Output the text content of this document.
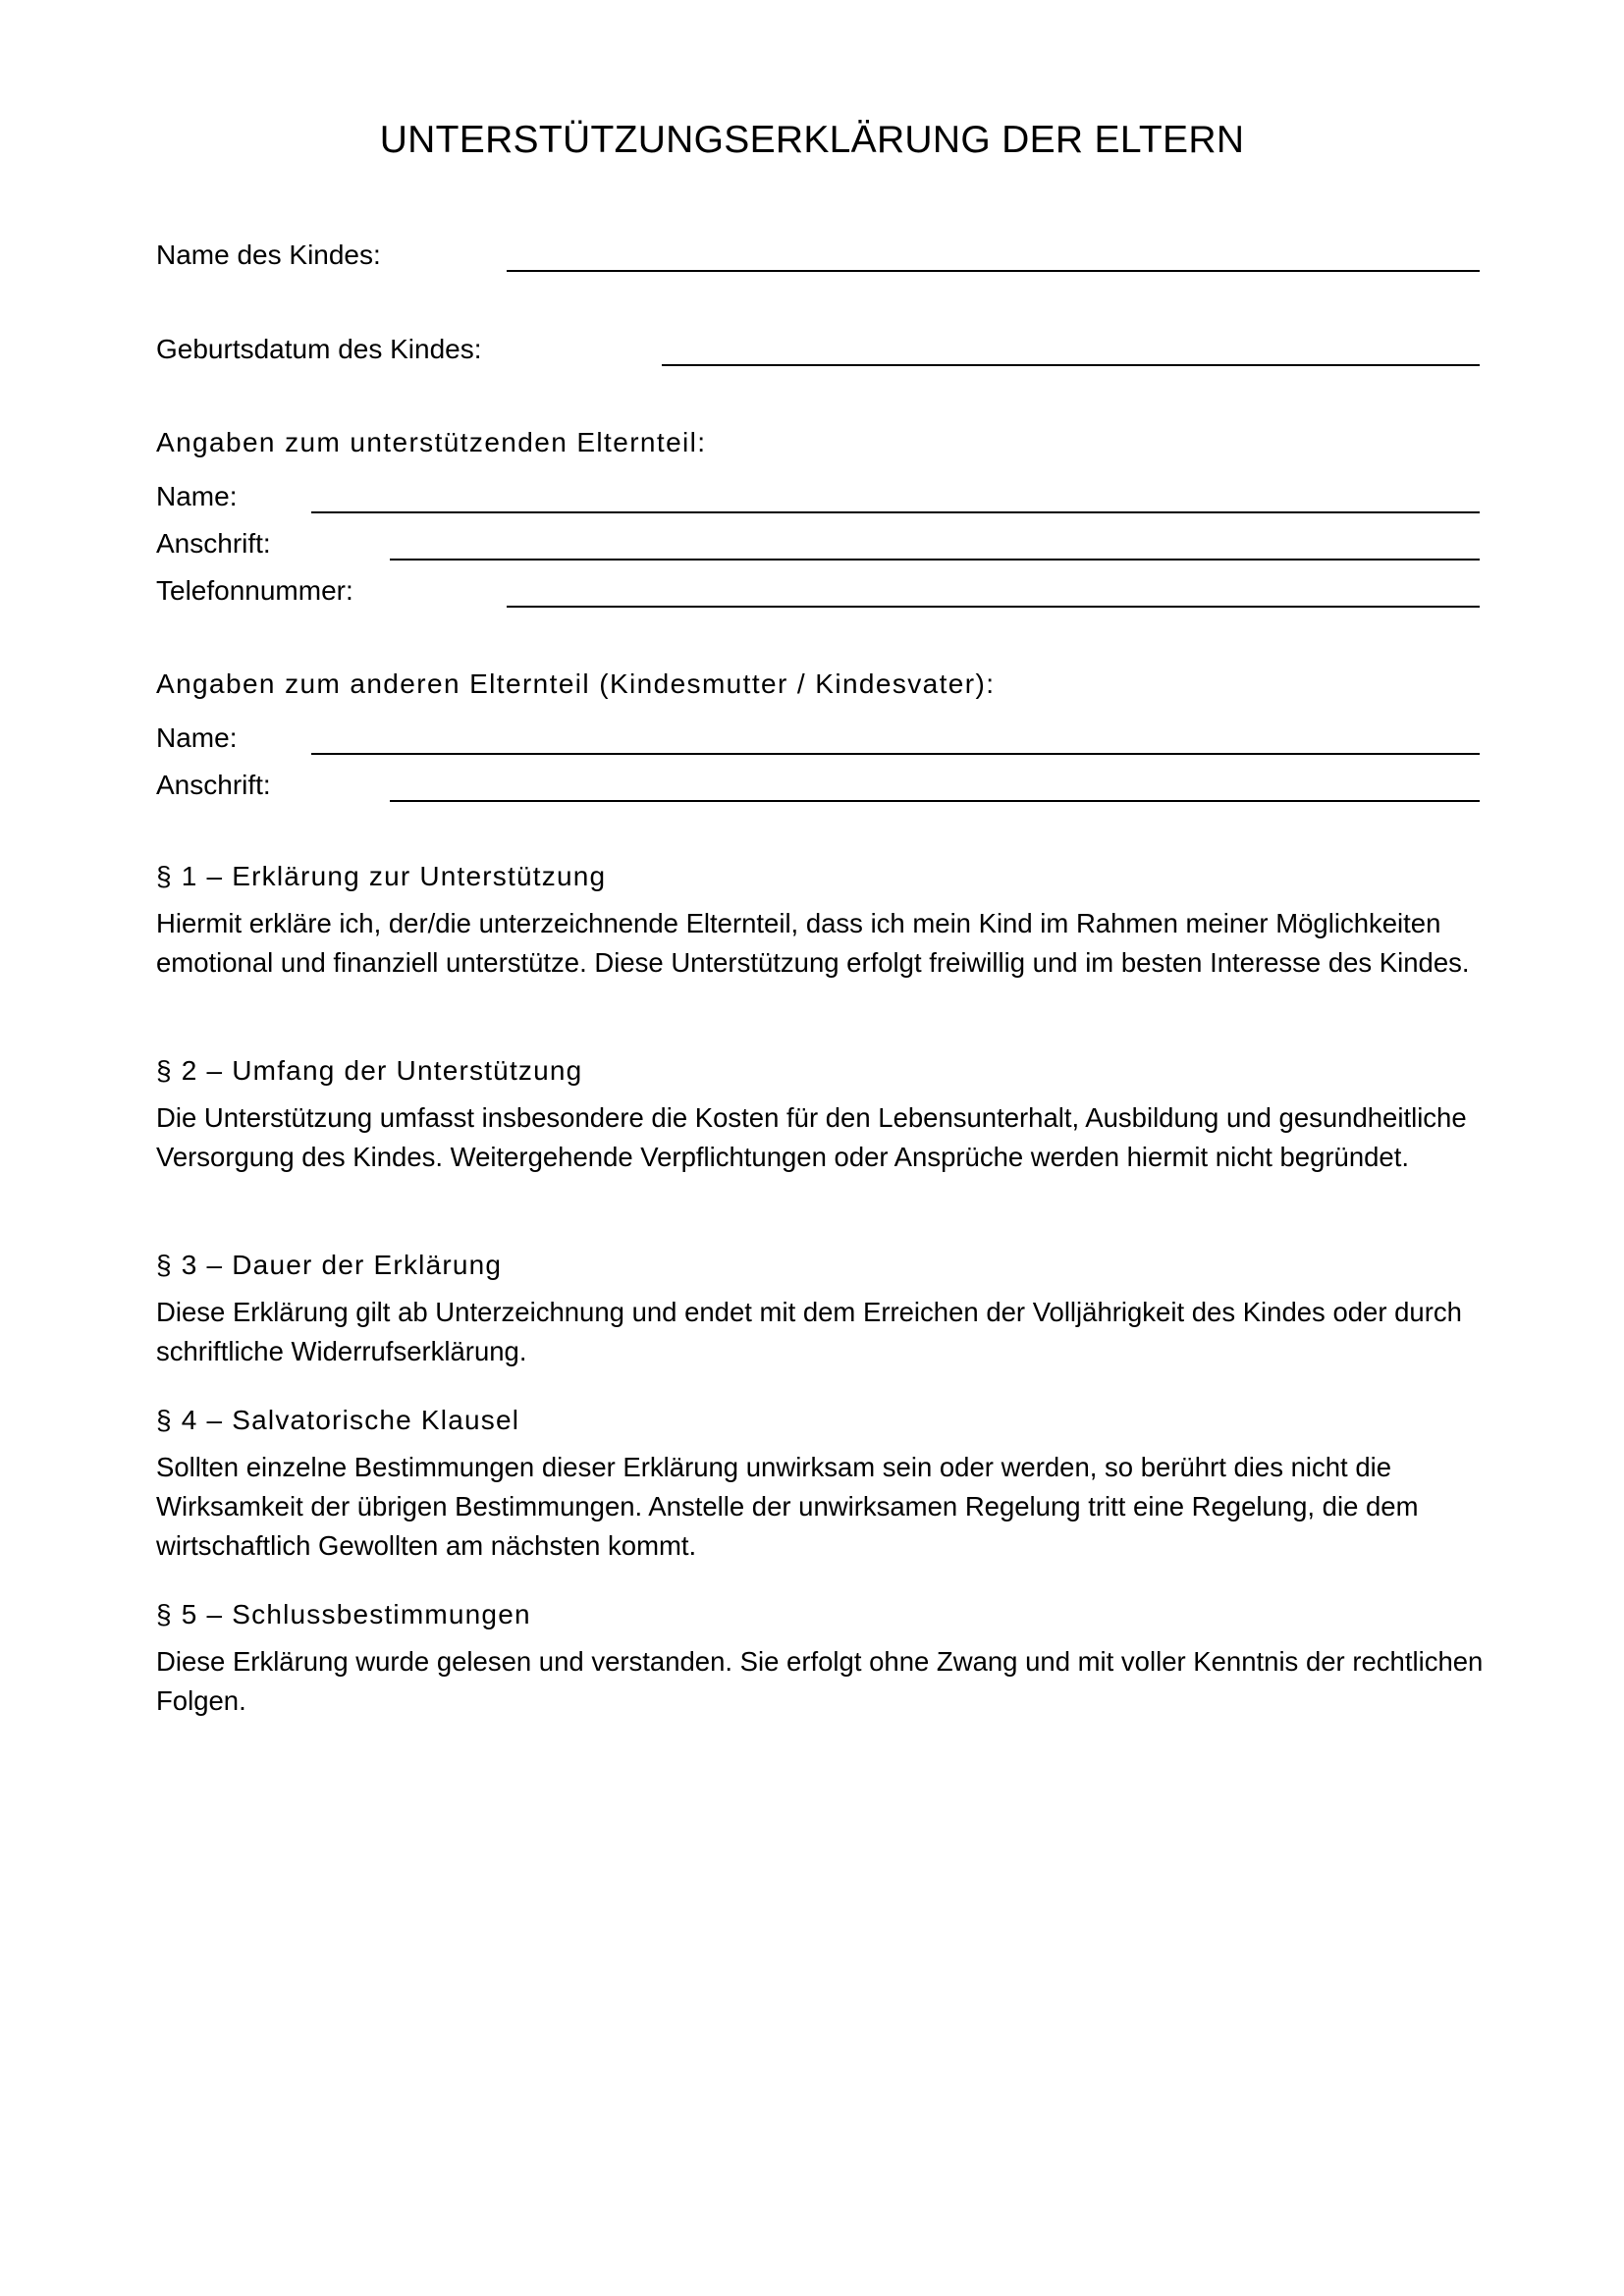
UNTERSTÜTZUNGSERKLÄRUNG DER ELTERN
Name des Kindes:
Geburtsdatum des Kindes:
Angaben zum unterstützenden Elternteil:
Name:
Anschrift:
Telefonnummer:
Angaben zum anderen Elternteil (Kindesmutter / Kindesvater):
Name:
Anschrift:
§ 1 – Erklärung zur Unterstützung
Hiermit erkläre ich, der/die unterzeichnende Elternteil, dass ich mein Kind im Rahmen meiner Möglichkeiten emotional und finanziell unterstütze. Diese Unterstützung erfolgt freiwillig und im besten Interesse des Kindes.
§ 2 – Umfang der Unterstützung
Die Unterstützung umfasst insbesondere die Kosten für den Lebensunterhalt, Ausbildung und gesundheitliche Versorgung des Kindes. Weitergehende Verpflichtungen oder Ansprüche werden hiermit nicht begründet.
§ 3 – Dauer der Erklärung
Diese Erklärung gilt ab Unterzeichnung und endet mit dem Erreichen der Volljährigkeit des Kindes oder durch schriftliche Widerrufserklärung.
§ 4 – Salvatorische Klausel
Sollten einzelne Bestimmungen dieser Erklärung unwirksam sein oder werden, so berührt dies nicht die Wirksamkeit der übrigen Bestimmungen. Anstelle der unwirksamen Regelung tritt eine Regelung, die dem wirtschaftlich Gewollten am nächsten kommt.
§ 5 – Schlussbestimmungen
Diese Erklärung wurde gelesen und verstanden. Sie erfolgt ohne Zwang und mit voller Kenntnis der rechtlichen Folgen.
